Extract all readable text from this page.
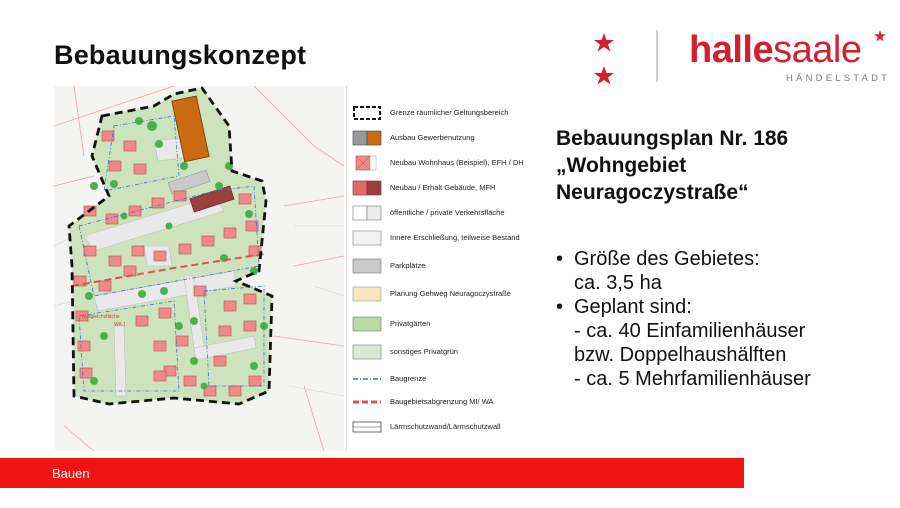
Bebauungskonzept	hallesaale
HÄNDELSTADT
Ausgleichsfläche
WA 1
Grenze räumlicher Geltungsbereich
Ausbau Gewerbenutzung
Neubau Wohnhaus (Beispiel), EFH / DH
Neubau / Erhalt Gebäude, MFH
öffentliche / private Verkehrsfläche
Innere Erschließung, teilweise Bestand
Parkplätze
Planung Gehweg Neuragoczystraße
Privatgärten
sonstiges Privatgrün
Baugrenze
Baugebietsabgrenzung MI/ WA
Lärmschutzwand/Lärmschutzwall
Bebauungsplan Nr. 186
„Wohngebiet
Neuragoczystraße“
• Größe des Gebietes:
ca. 3,5 ha
• Geplant sind:
- ca. 40 Einfamilienhäuser
bzw. Doppelhaushälften
- ca. 5 Mehrfamilienhäuser
Bauen
